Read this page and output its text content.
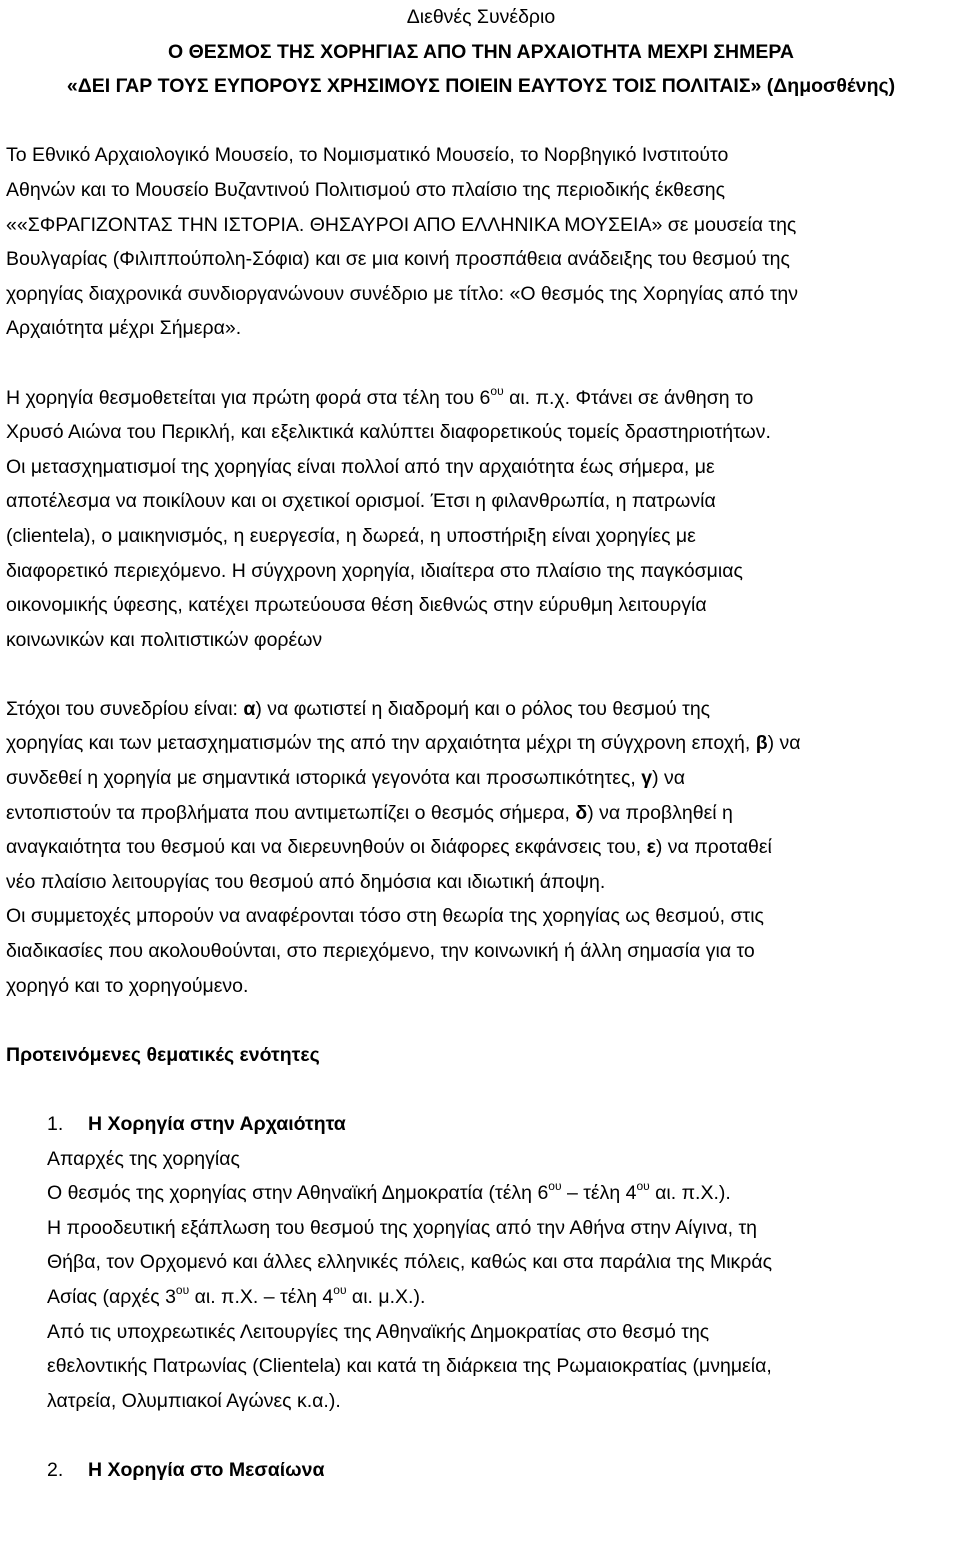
Διεθνές Συνέδριο
Ο ΘΕΣΜΟΣ ΤΗΣ ΧΟΡΗΓΙΑΣ ΑΠΟ ΤΗΝ ΑΡΧΑΙΟΤΗΤΑ ΜΕΧΡΙ ΣΗΜΕΡΑ
«ΔΕΙ ΓΑΡ ΤΟΥΣ ΕΥΠΟΡΟΥΣ ΧΡΗΣΙΜΟΥΣ ΠΟΙΕΙΝ ΕΑΥΤΟΥΣ ΤΟΙΣ ΠΟΛΙΤΑΙΣ» (Δημοσθένης)
Το Εθνικό Αρχαιολογικό Μουσείο, το Νομισματικό Μουσείο, το Νορβηγικό Ινστιτούτο
Αθηνών και το Μουσείο Βυζαντινού Πολιτισμού στο πλαίσιο της περιοδικής έκθεσης
««ΣΦΡΑΓΙΖΟΝΤΑΣ ΤΗΝ ΙΣΤΟΡΙΑ. ΘΗΣΑΥΡΟΙ ΑΠΟ ΕΛΛΗΝΙΚΑ ΜΟΥΣΕΙΑ» σε μουσεία της
Βουλγαρίας (Φιλιππούπολη-Σόφια) και σε μια κοινή προσπάθεια ανάδειξης του θεσμού της
χορηγίας διαχρονικά συνδιοργανώνουν συνέδριο με τίτλο: «Ο θεσμός της Χορηγίας από την
Αρχαιότητα μέχρι Σήμερα».
Η χορηγία θεσμοθετείται για πρώτη φορά στα τέλη του $6^{o\upsilon}$ αι. π.χ. Φτάνει σε άνθηση το
Χρυσό Αιώνα του Περικλή, και εξελικτικά καλύπτει διαφορετικούς τομείς δραστηριοτήτων.
Οι μετασχηματισμοί της χορηγίας είναι πολλοί από την αρχαιότητα έως σήμερα, με
αποτέλεσμα να ποικίλουν και οι σχετικοί ορισμοί. Έτσι η φιλανθρωπία, η πατρωνία
(clientela), ο μαικηνισμός, η ευεργεσία, η δωρεά, η υποστήριξη είναι χορηγίες με
διαφορετικό περιεχόμενο. Η σύγχρονη χορηγία, ιδιαίτερα στο πλαίσιο της παγκόσμιας
οικονομικής ύφεσης, κατέχει πρωτεύουσα θέση διεθνώς στην εύρυθμη λειτουργία
κοινωνικών και πολιτιστικών φορέων
Στόχοι του συνεδρίου είναι: α) να φωτιστεί η διαδρομή και ο ρόλος του θεσμού της
χορηγίας και των μετασχηματισμών της από την αρχαιότητα μέχρι τη σύγχρονη εποχή, β) να
συνδεθεί η χορηγία με σημαντικά ιστορικά γεγονότα και προσωπικότητες, γ) να
εντοπιστούν τα προβλήματα που αντιμετωπίζει ο θεσμός σήμερα, δ) να προβληθεί η
αναγκαιότητα του θεσμού και να διερευνηθούν οι διάφορες εκφάνσεις του, ε) να προταθεί
νέο πλαίσιο λειτουργίας του θεσμού από δημόσια και ιδιωτική άποψη.
Οι συμμετοχές μπορούν να αναφέρονται τόσο στη θεωρία της χορηγίας ως θεσμού, στις
διαδικασίες που ακολουθούνται, στο περιεχόμενο, την κοινωνική ή άλλη σημασία για το
χορηγό και το χορηγούμενο.
Προτεινόμενες θεματικές ενότητες
1. Η Χορηγία στην Αρχαιότητα
Απαρχές της χορηγίας
Ο θεσμός της χορηγίας στην Αθηναϊκή Δημοκρατία (τέλη $6^{o\upsilon}$ – τέλη $4^{o\upsilon}$ αι. π.Χ.).
Η προοδευτική εξάπλωση του θεσμού της χορηγίας από την Αθήνα στην Αίγινα, τη
Θήβα, τον Ορχομενό και άλλες ελληνικές πόλεις, καθώς και στα παράλια της Μικράς
Ασίας (αρχές $3^{o\upsilon}$ αι. π.Χ. – τέλη $4^{o\upsilon}$ αι. μ.Χ.).
Από τις υποχρεωτικές Λειτουργίες της Αθηναϊκής Δημοκρατίας στο θεσμό της
εθελοντικής Πατρωνίας (Clientela) και κατά τη διάρκεια της Ρωμαιοκρατίας (μνημεία,
λατρεία, Ολυμπιακοί Αγώνες κ.α.).
2. Η Χορηγία στο Μεσαίωνα
